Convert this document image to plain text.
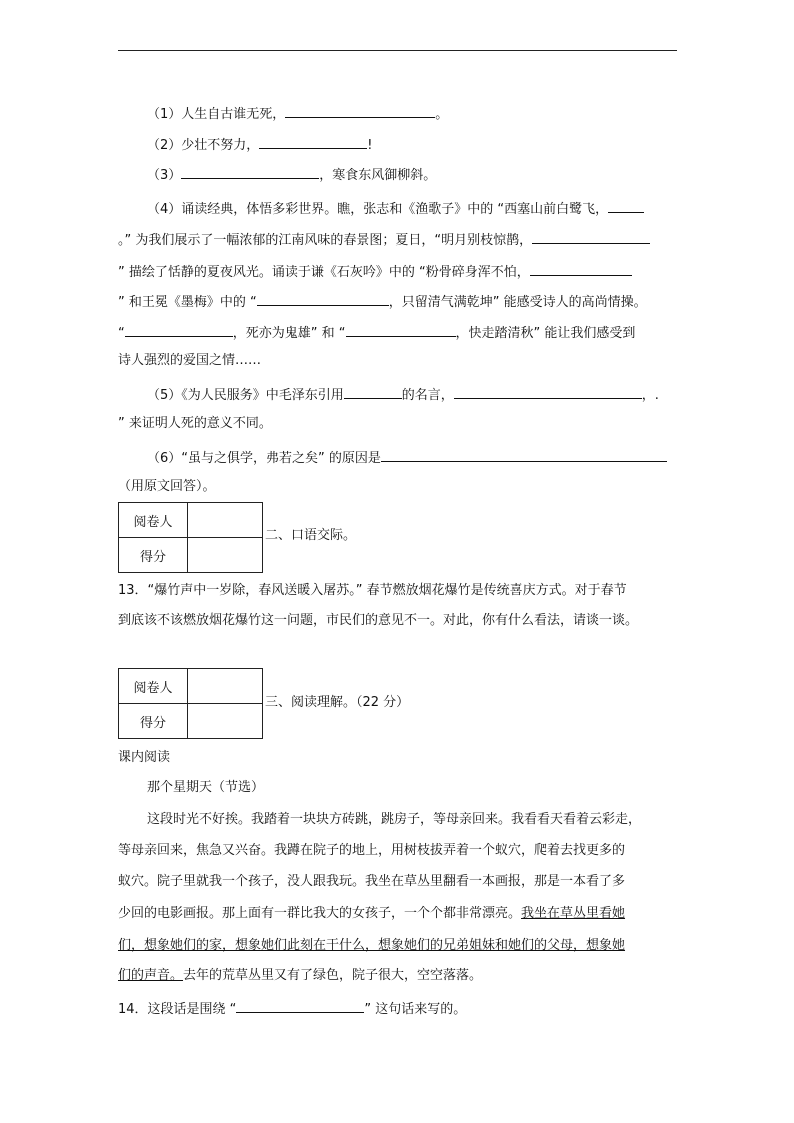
（1）人生自古谁无死，	。
（2）少壮不努力，	!
（3）	，寒食东风御柳斜。
（4）诵读经典，体悟多彩世界。瞧，张志和《渔歌子》中的 “西塞山前白鹭飞，
。” 为我们展示了一幅浓郁的江南风味的春景图；夏日，“明月别枝惊鹊，
” 描绘了恬静的夏夜风光。诵读于谦《石灰吟》中的 “粉骨碎身浑不怕，
” 和王冕《墨梅》中的 “	，只留清气满乾坤” 能感受诗人的高尚情操。
“	，死亦为鬼雄” 和 “	，快走踏清秋” 能让我们感受到
诗人强烈的爱国之情……
（5）《为人民服务》中毛泽东引用	的名言，	，.
” 来证明人死的意义不同。
（6）“虽与之俱学，弗若之矣” 的原因是
（用原文回答）。
阅卷人	
得分	
二、口语交际。
13．“爆竹声中一岁除，春风送暖入屠苏。” 春节燃放烟花爆竹是传统喜庆方式。对于春节
到底该不该燃放烟花爆竹这一问题，市民们的意见不一。对此，你有什么看法，请谈一谈。
阅卷人	
得分	
三、阅读理解。（22 分）
课内阅读
那个星期天（节选）
这段时光不好挨。我踏着一块块方砖跳，跳房子，等母亲回来。我看看天看着云彩走，
等母亲回来，焦急又兴奋。我蹲在院子的地上，用树枝拔弄着一个蚁穴，爬着去找更多的
蚁穴。院子里就我一个孩子，没人跟我玩。我坐在草丛里翻看一本画报，那是一本看了多
少回的电影画报。那上面有一群比我大的女孩子，一个个都非常漂亮。我坐在草丛里看她
们，想象她们的家，想象她们此刻在干什么，想象她们的兄弟姐妹和她们的父母，想象她
们的声音。去年的荒草丛里又有了绿色，院子很大，空空落落。
14．这段话是围绕 “	” 这句话来写的。
